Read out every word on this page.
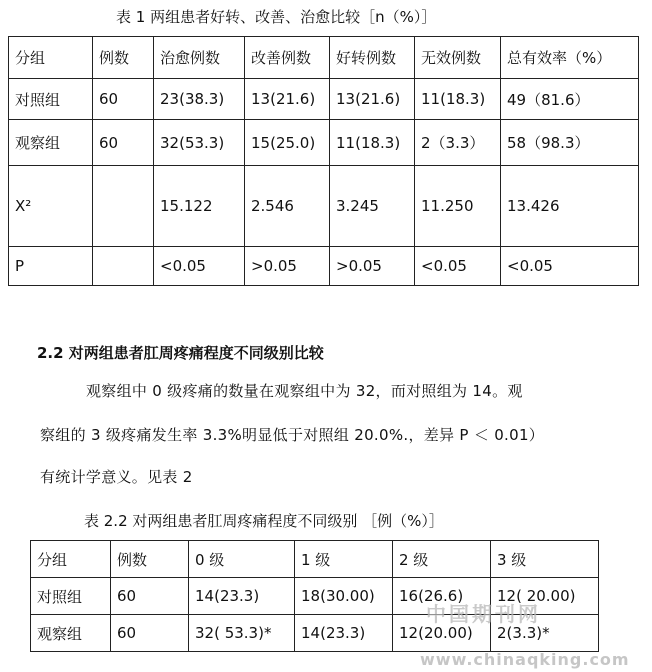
表 1 两组患者好转、改善、治愈比较［n（%）］
分组	例数	治愈例数	改善例数	好转例数	无效例数	总有效率（%）
对照组	60	23(38.3)	13(21.6)	13(21.6)	11(18.3)	49（81.6）
观察组	60	32(53.3)	15(25.0)	11(18.3)	2（3.3）	58（98.3）
X²		15.122	2.546	3.245	11.250	13.426
P		<0.05	>0.05	>0.05	<0.05	<0.05
2.2 对两组患者肛周疼痛程度不同级别比较
观察组中 0 级疼痛的数量在观察组中为 32，而对照组为 14。观
察组的 3 级疼痛发生率 3.3%明显低于对照组 20.0%.，差异 P ＜ 0.01）
有统计学意义。见表 2
表 2.2 对两组患者肛周疼痛程度不同级别 ［例（%）］
分组	例数	0 级	1 级	2 级	3 级
对照组	60	14(23.3)	18(30.00)	16(26.6)	12( 20.00)
观察组	60	32( 53.3)*	14(23.3)	12(20.00)	2(3.3)*
中国期刊网
www.chinaqking.com
